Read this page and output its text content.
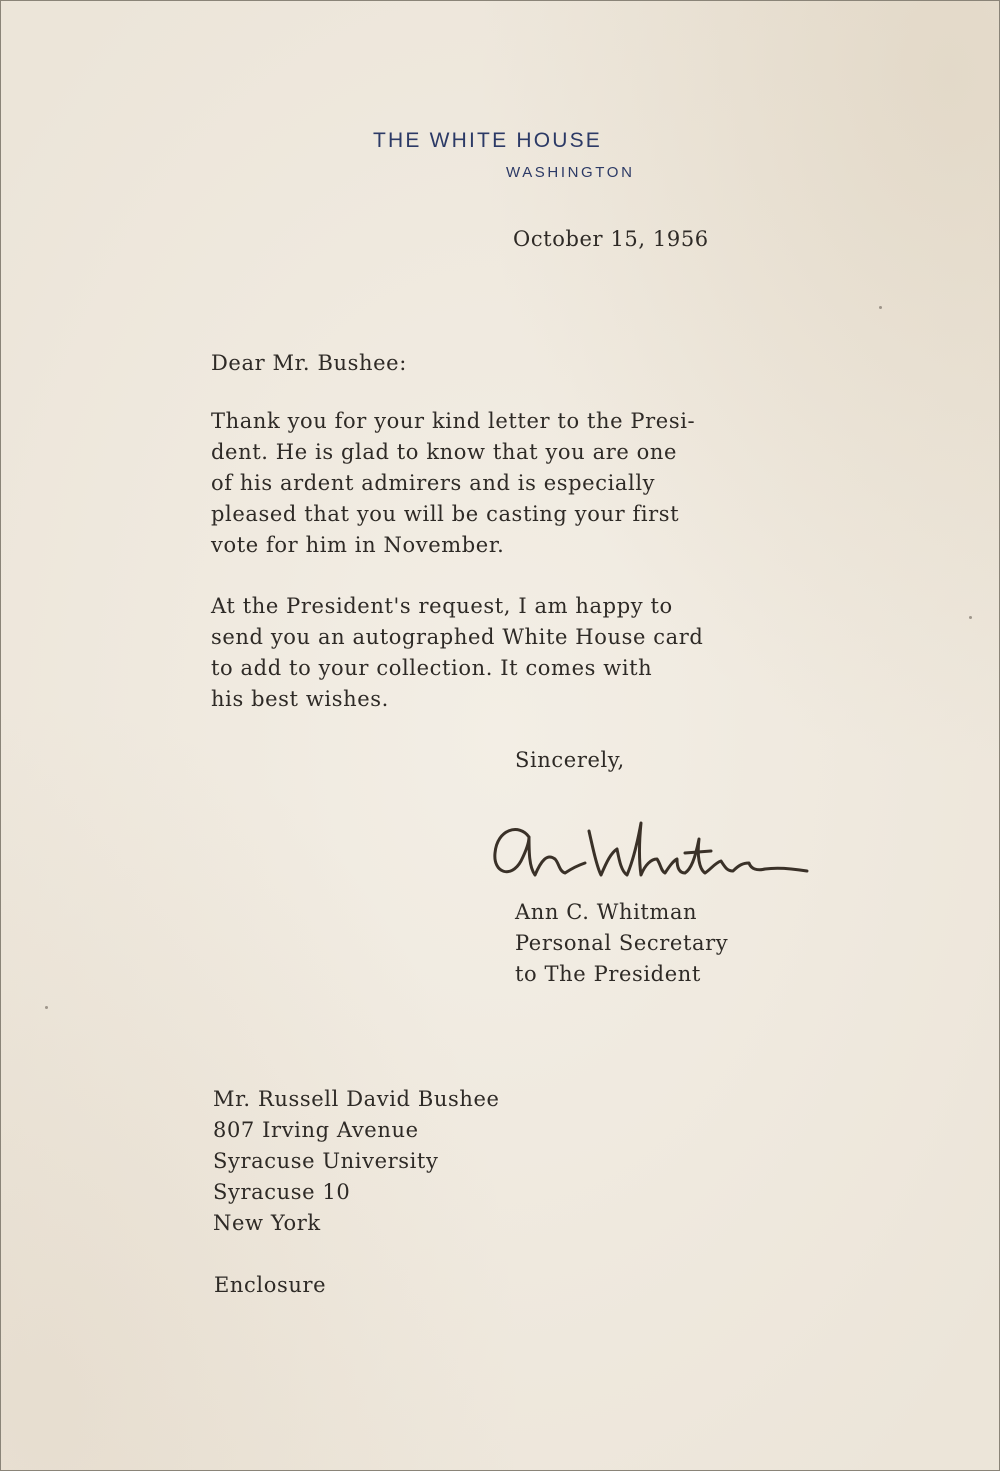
THE WHITE HOUSE
WASHINGTON
October 15, 1956
Dear Mr. Bushee:
Thank you for your kind letter to the Presi-
dent. He is glad to know that you are one
of his ardent admirers and is especially
pleased that you will be casting your first
vote for him in November.
At the President's request, I am happy to
send you an autographed White House card
to add to your collection. It comes with
his best wishes.
Sincerely,
Ann C. Whitman
Personal Secretary
to The President
Mr. Russell David Bushee
807 Irving Avenue
Syracuse University
Syracuse 10
New York
Enclosure
